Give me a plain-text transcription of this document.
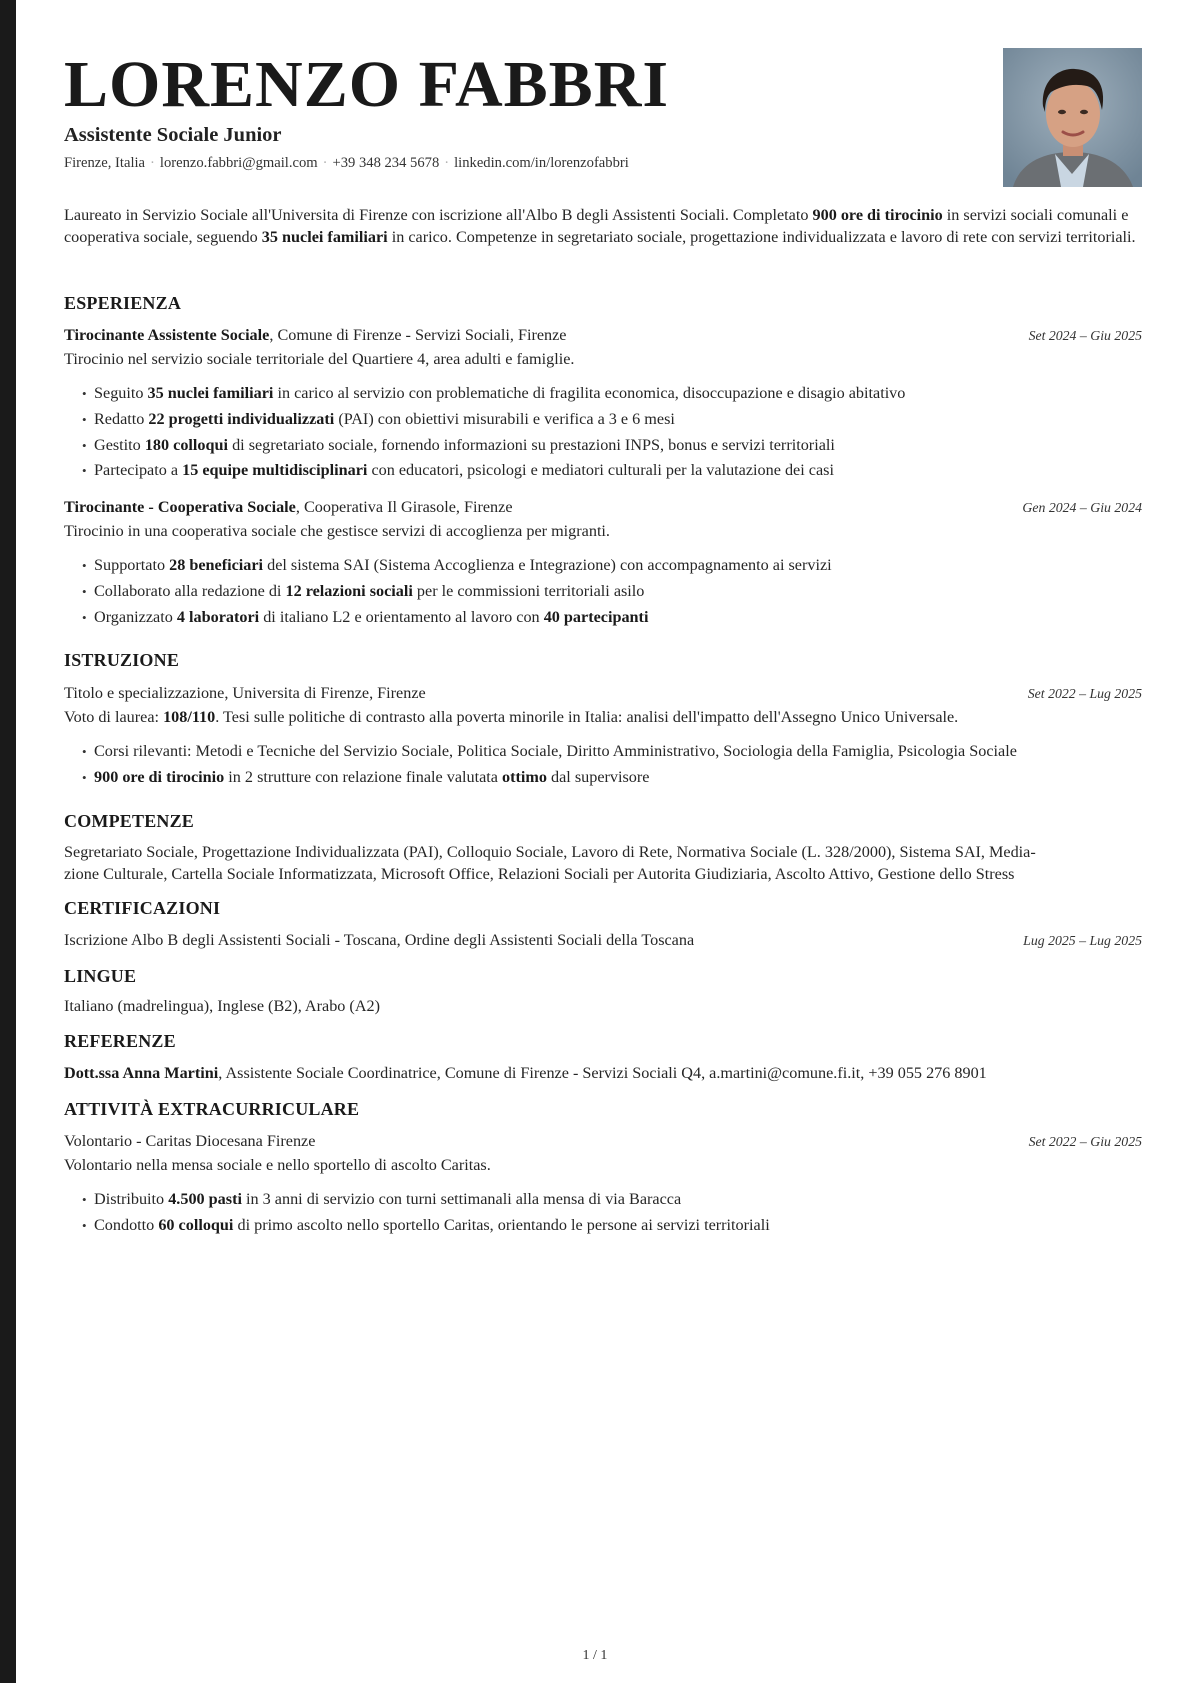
LORENZO FABBRI
Assistente Sociale Junior
Firenze, Italia · lorenzo.fabbri@gmail.com · +39 348 234 5678 · linkedin.com/in/lorenzofabbri
Laureato in Servizio Sociale all'Universita di Firenze con iscrizione all'Albo B degli Assistenti Sociali. Completato 900 ore di tirocinio in servizi sociali comunali e cooperativa sociale, seguendo 35 nuclei familiari in carico. Competenze in segretariato sociale, progettazione individualizzata e lavoro di rete con servizi territoriali.
ESPERIENZA
Tirocinante Assistente Sociale, Comune di Firenze - Servizi Sociali, Firenze	Set 2024 – Giu 2025
Tirocinio nel servizio sociale territoriale del Quartiere 4, area adulti e famiglie.
• Seguito 35 nuclei familiari in carico al servizio con problematiche di fragilita economica, disoccupazione e disagio abitativo
• Redatto 22 progetti individualizzati (PAI) con obiettivi misurabili e verifica a 3 e 6 mesi
• Gestito 180 colloqui di segretariato sociale, fornendo informazioni su prestazioni INPS, bonus e servizi territoriali
• Partecipato a 15 equipe multidisciplinari con educatori, psicologi e mediatori culturali per la valutazione dei casi
Tirocinante - Cooperativa Sociale, Cooperativa Il Girasole, Firenze	Gen 2024 – Giu 2024
Tirocinio in una cooperativa sociale che gestisce servizi di accoglienza per migranti.
• Supportato 28 beneficiari del sistema SAI (Sistema Accoglienza e Integrazione) con accompagnamento ai servizi
• Collaborato alla redazione di 12 relazioni sociali per le commissioni territoriali asilo
• Organizzato 4 laboratori di italiano L2 e orientamento al lavoro con 40 partecipanti
ISTRUZIONE
Titolo e specializzazione, Universita di Firenze, Firenze	Set 2022 – Lug 2025
Voto di laurea: 108/110. Tesi sulle politiche di contrasto alla poverta minorile in Italia: analisi dell'impatto dell'Assegno Unico Universale.
• Corsi rilevanti: Metodi e Tecniche del Servizio Sociale, Politica Sociale, Diritto Amministrativo, Sociologia della Famiglia, Psicologia Sociale
• 900 ore di tirocinio in 2 strutture con relazione finale valutata ottimo dal supervisore
COMPETENZE
Segretariato Sociale, Progettazione Individualizzata (PAI), Colloquio Sociale, Lavoro di Rete, Normativa Sociale (L. 328/2000), Sistema SAI, Media-
zione Culturale, Cartella Sociale Informatizzata, Microsoft Office, Relazioni Sociali per Autorita Giudiziaria, Ascolto Attivo, Gestione dello Stress
CERTIFICAZIONI
Iscrizione Albo B degli Assistenti Sociali - Toscana, Ordine degli Assistenti Sociali della Toscana	Lug 2025 – Lug 2025
LINGUE
Italiano (madrelingua), Inglese (B2), Arabo (A2)
REFERENZE
Dott.ssa Anna Martini, Assistente Sociale Coordinatrice, Comune di Firenze - Servizi Sociali Q4, a.martini@comune.fi.it, +39 055 276 8901
ATTIVITÀ EXTRACURRICULARE
Volontario - Caritas Diocesana Firenze	Set 2022 – Giu 2025
Volontario nella mensa sociale e nello sportello di ascolto Caritas.
• Distribuito 4.500 pasti in 3 anni di servizio con turni settimanali alla mensa di via Baracca
• Condotto 60 colloqui di primo ascolto nello sportello Caritas, orientando le persone ai servizi territoriali
1 / 1
